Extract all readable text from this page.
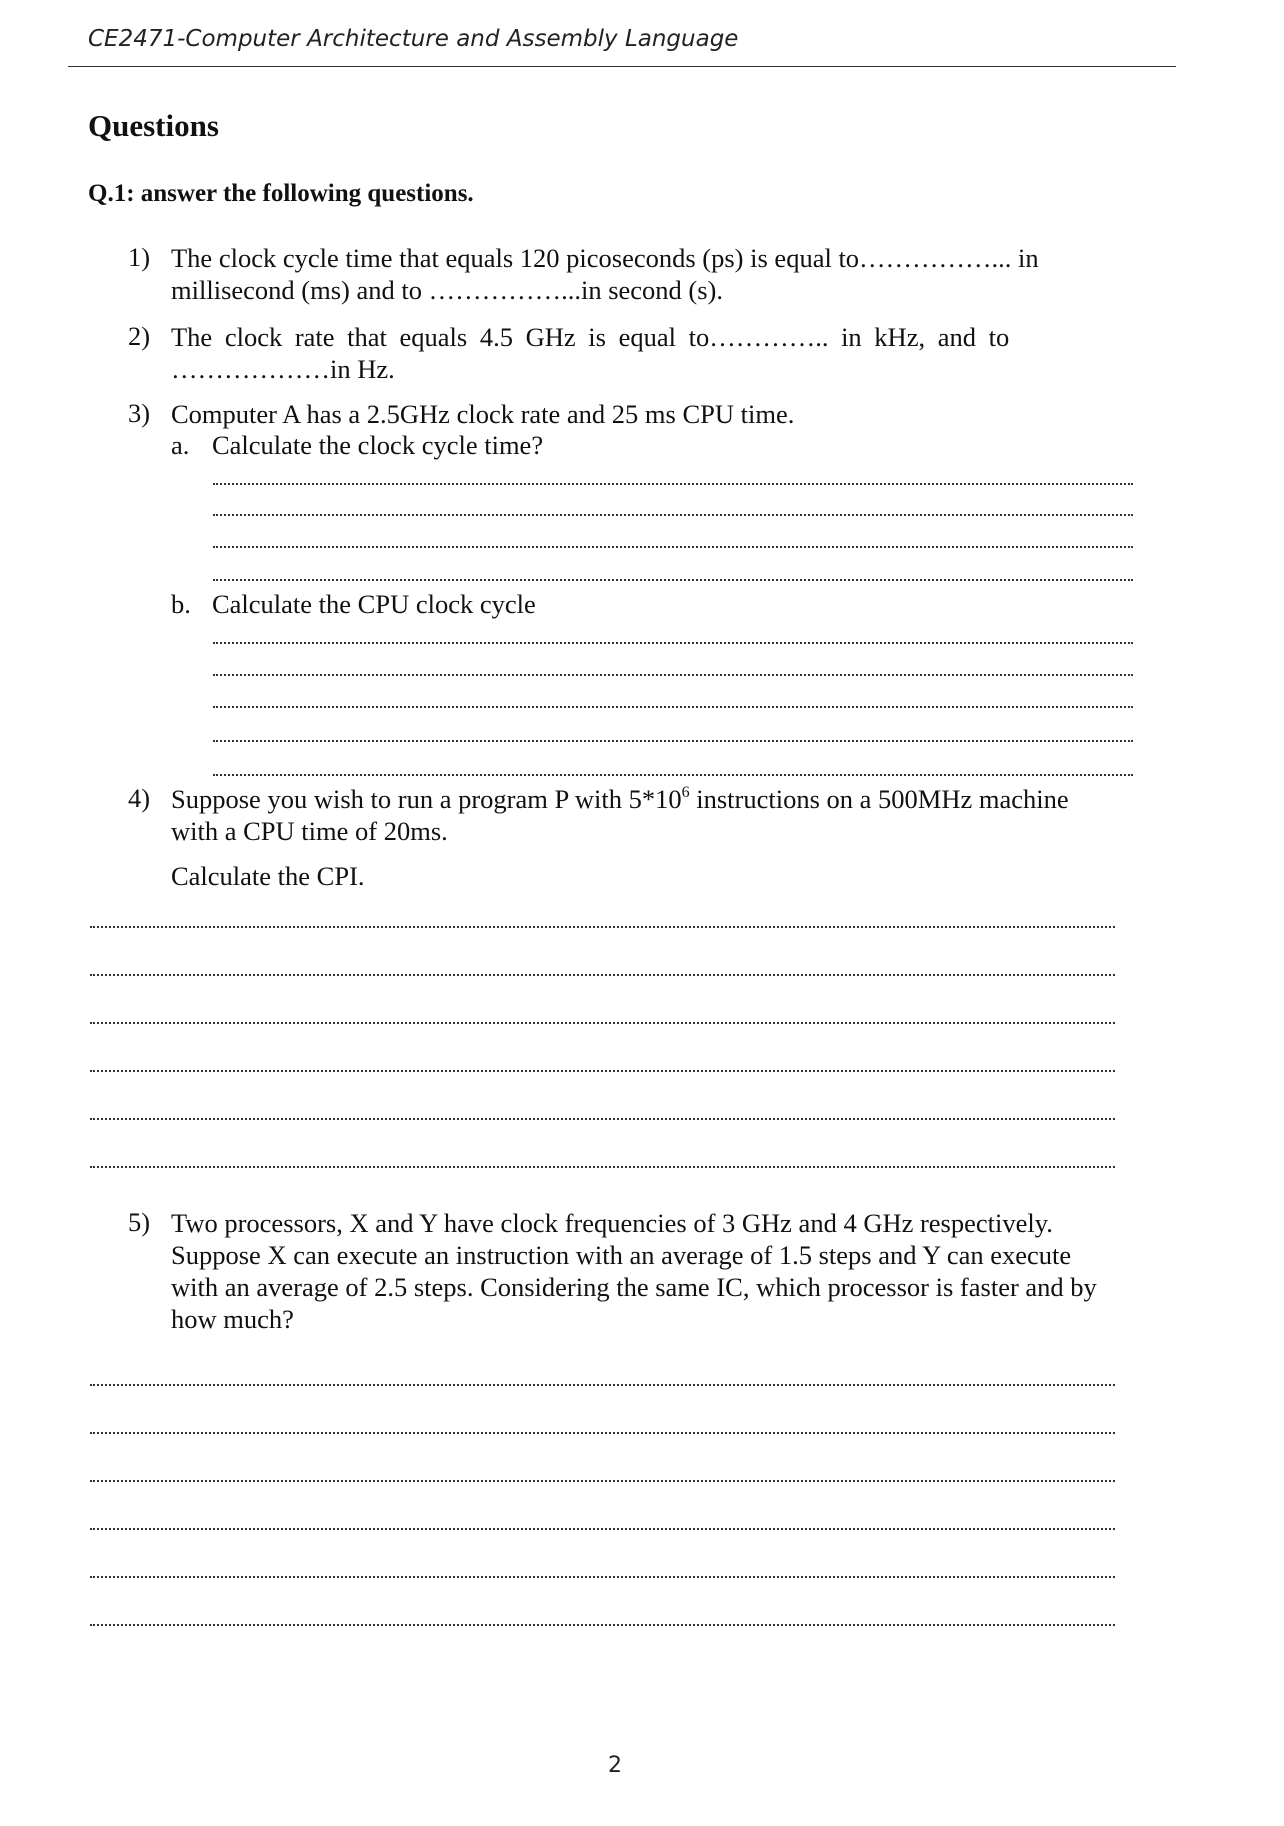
CE2471-Computer Architecture and Assembly Language
Questions
Q.1: answer the following questions.
1) The clock cycle time that equals 120 picoseconds (ps) is equal to……………... in
millisecond (ms) and to ……………...in second (s).
2) The clock rate that equals 4.5 GHz is equal to………….. in kHz, and to
………………in Hz.
3) Computer A has a 2.5GHz clock rate and 25 ms CPU time.
a. Calculate the clock cycle time?
b. Calculate the CPU clock cycle
4) Suppose you wish to run a program P with $5*10^6$ instructions on a 500MHz machine
with a CPU time of 20ms.
Calculate the CPI.
5) Two processors, X and Y have clock frequencies of 3 GHz and 4 GHz respectively.
Suppose X can execute an instruction with an average of 1.5 steps and Y can execute
with an average of 2.5 steps. Considering the same IC, which processor is faster and by
how much?
2
